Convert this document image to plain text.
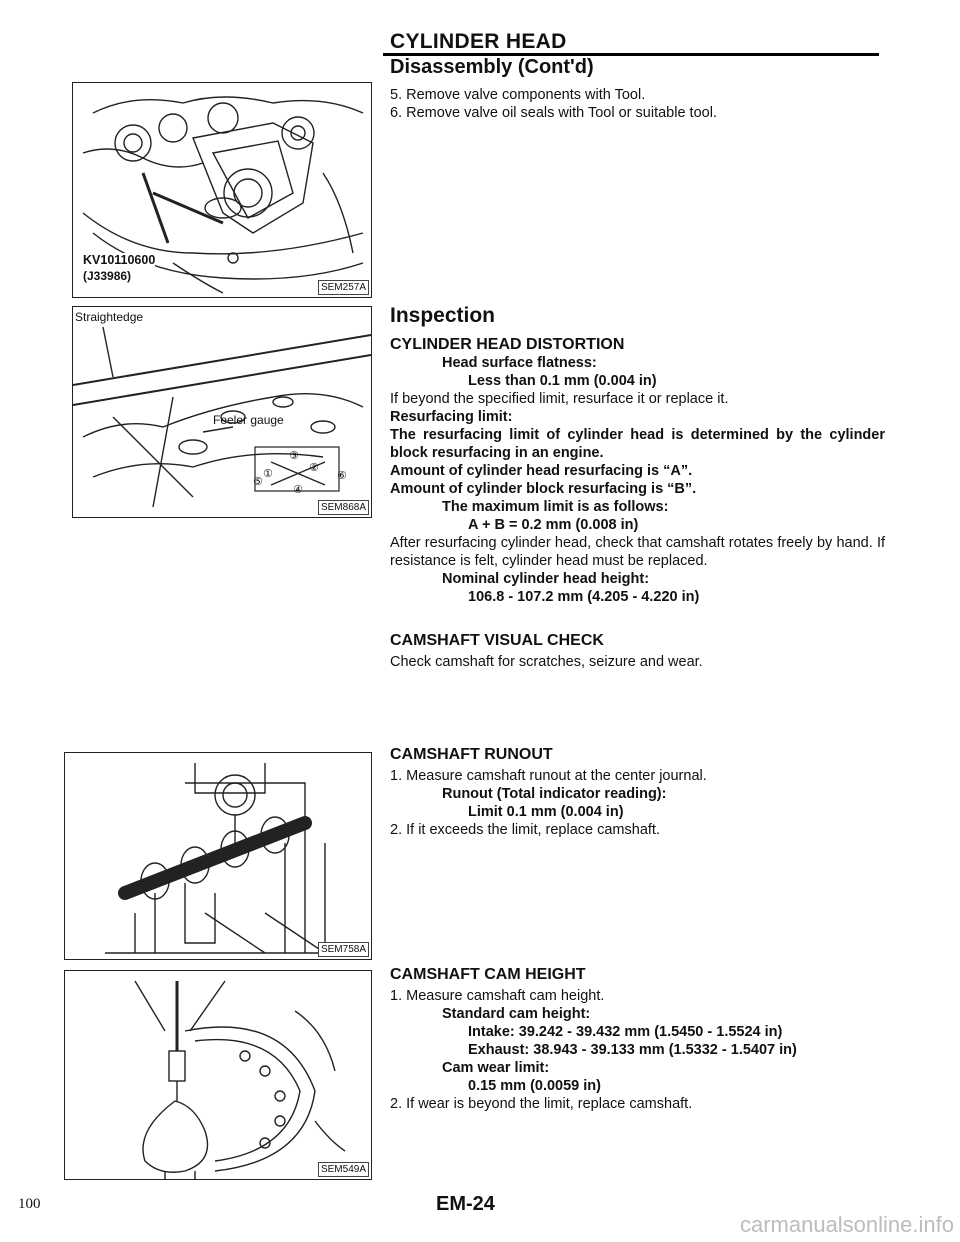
CYLINDER HEAD
Disassembly (Cont'd)
KV10110600
(J33986)
SEM257A
Straightedge
Feeler gauge
①	②
③
④
⑤	⑥
SEM868A
SEM758A
SEM549A
5. Remove valve components with Tool.
6. Remove valve oil seals with Tool or suitable tool.
Inspection
CYLINDER HEAD DISTORTION
Head surface flatness:
Less than 0.1 mm (0.004 in)
If beyond the specified limit, resurface it or replace it.
Resurfacing limit:
The resurfacing limit of cylinder head is determined by the cylinder block resurfacing in an engine.
Amount of cylinder head resurfacing is “A”.
Amount of cylinder block resurfacing is “B”.
The maximum limit is as follows:
A + B = 0.2 mm (0.008 in)
After resurfacing cylinder head, check that camshaft rotates freely by hand. If resistance is felt, cylinder head must be replaced.
Nominal cylinder head height:
106.8 - 107.2 mm (4.205 - 4.220 in)
CAMSHAFT VISUAL CHECK
Check camshaft for scratches, seizure and wear.
CAMSHAFT RUNOUT
1. Measure camshaft runout at the center journal.
Runout (Total indicator reading):
Limit 0.1 mm (0.004 in)
2. If it exceeds the limit, replace camshaft.
CAMSHAFT CAM HEIGHT
1. Measure camshaft cam height.
Standard cam height:
Intake: 39.242 - 39.432 mm (1.5450 - 1.5524 in)
Exhaust: 38.943 - 39.133 mm (1.5332 - 1.5407 in)
Cam wear limit:
0.15 mm (0.0059 in)
2. If wear is beyond the limit, replace camshaft.
100	EM-24
carmanualsonline.info
